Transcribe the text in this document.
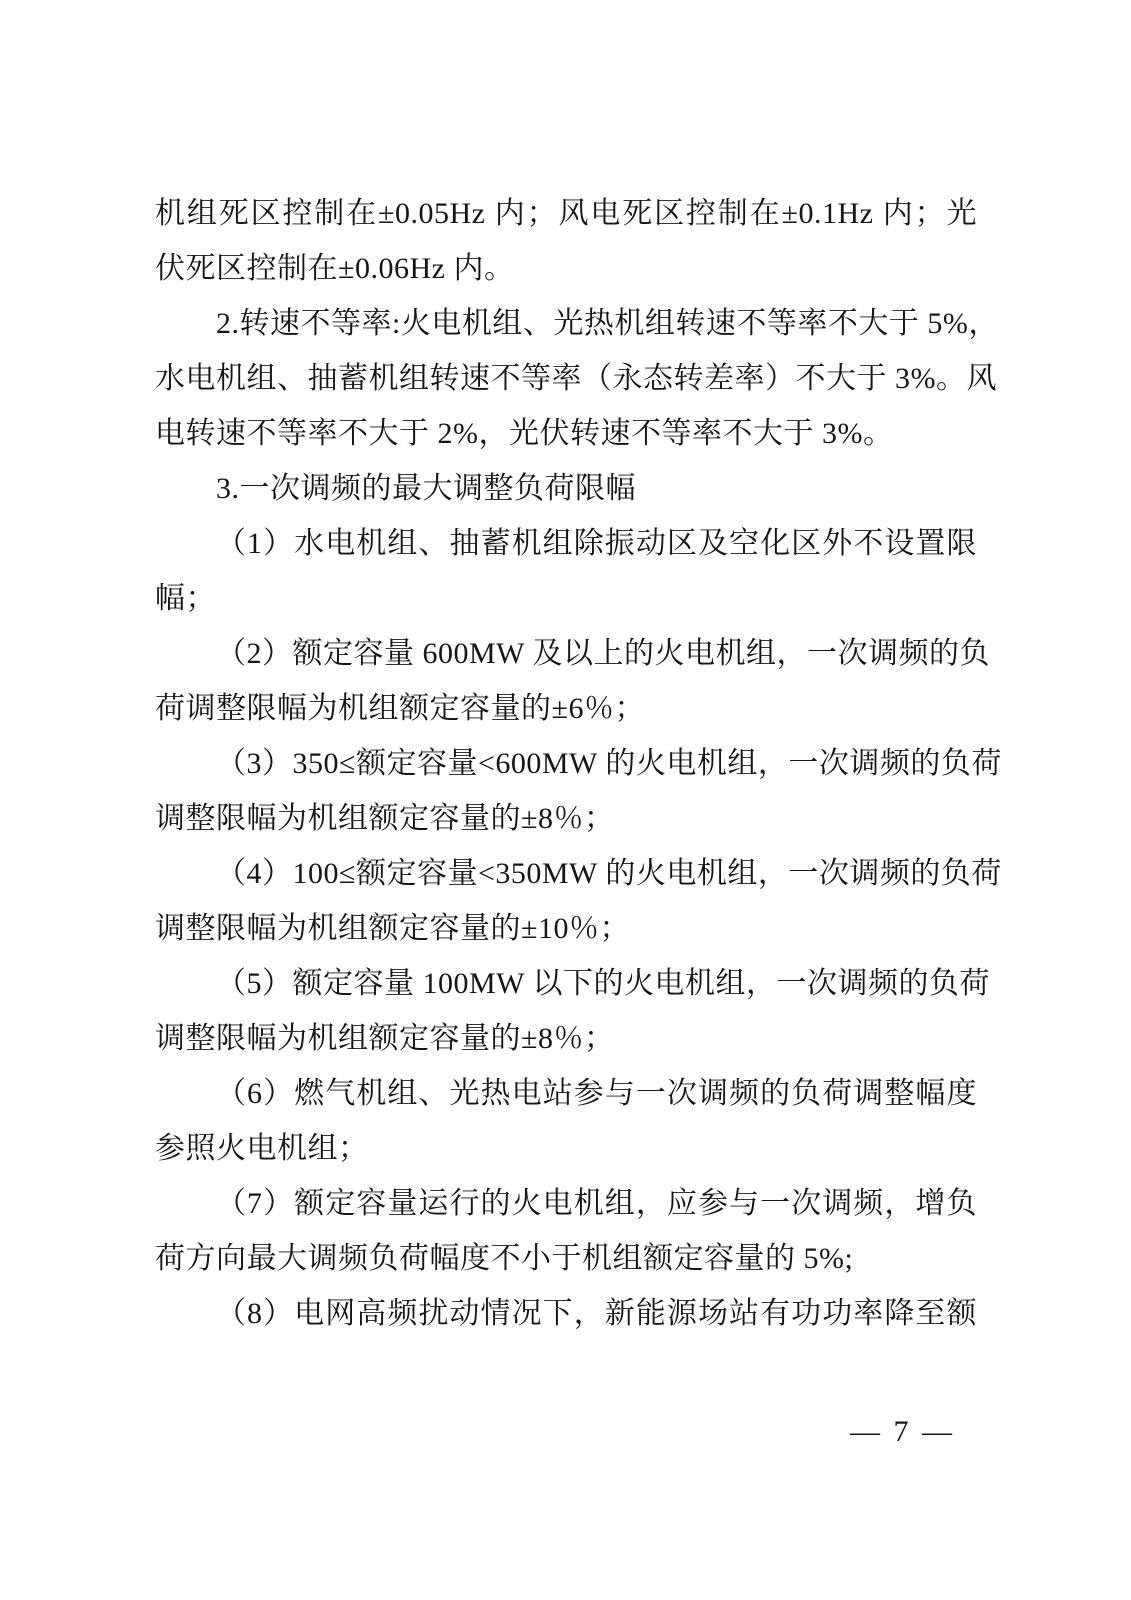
机组死区控制在±0.05Hz 内；风电死区控制在±0.1Hz 内；光
伏死区控制在±0.06Hz 内。
2.转速不等率:火电机组、光热机组转速不等率不大于 5%，
水电机组、抽蓄机组转速不等率（永态转差率）不大于 3%。风
电转速不等率不大于 2%，光伏转速不等率不大于 3%。
3.一次调频的最大调整负荷限幅
（1）水电机组、抽蓄机组除振动区及空化区外不设置限
幅；
（2）额定容量 600MW 及以上的火电机组，一次调频的负
荷调整限幅为机组额定容量的±6％；
（3）350≤额定容量<600MW 的火电机组，一次调频的负荷
调整限幅为机组额定容量的±8％；
（4）100≤额定容量<350MW 的火电机组，一次调频的负荷
调整限幅为机组额定容量的±10％；
（5）额定容量 100MW 以下的火电机组，一次调频的负荷
调整限幅为机组额定容量的±8％；
（6）燃气机组、光热电站参与一次调频的负荷调整幅度
参照火电机组；
（7）额定容量运行的火电机组，应参与一次调频，增负
荷方向最大调频负荷幅度不小于机组额定容量的 5%;
（8）电网高频扰动情况下，新能源场站有功功率降至额
— 7 —
